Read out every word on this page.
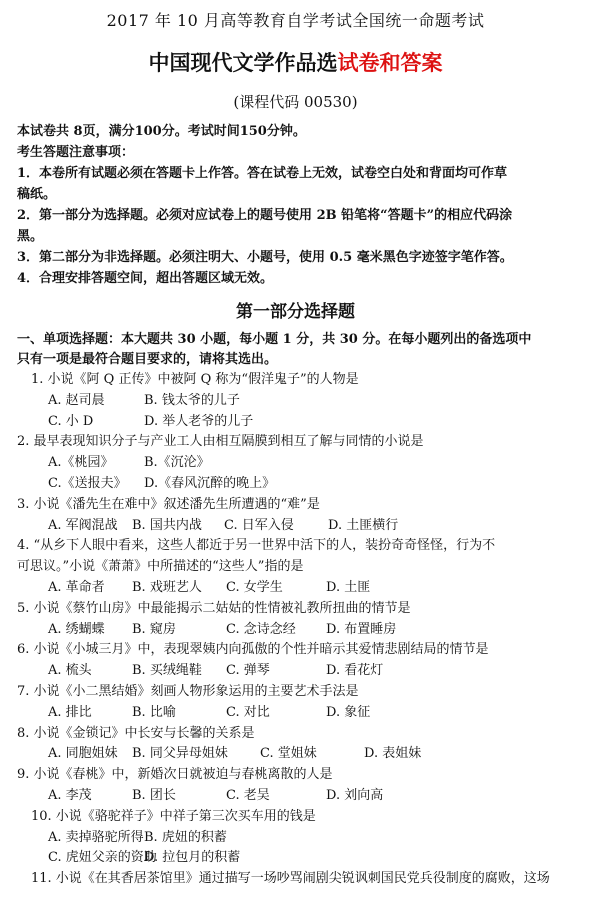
2017 年 10 月高等教育自学考试全国统一命题考试
中国现代文学作品选试卷和答案
(课程代码 00530)
本试卷共 8页，满分100分。考试时间150分钟。
考生答题注意事项：
1．本卷所有试题必须在答题卡上作答。答在试卷上无效，试卷空白处和背面均可作草
稿纸。
2．第一部分为选择题。必须对应试卷上的题号使用 2B 铅笔将“答题卡”的相应代码涂
黑。
3．第二部分为非选择题。必须注明大、小题号，使用 0.5 毫米黑色字迹签字笔作答。
4．合理安排答题空间，超出答题区域无效。
第一部分选择题
一、单项选择题：本大题共 30 小题，每小题 1 分，共 30 分。在每小题列出的备选项中
只有一项是最符合题目要求的，请将其选出。
1. 小说《阿 Q 正传》中被阿 Q 称为“假洋鬼子”的人物是
A. 赵司晨	B. 钱太爷的儿子
C. 小 D	D. 举人老爷的儿子
2. 最早表现知识分子与产业工人由相互隔膜到相互了解与同情的小说是
A.《桃园》 B.《沉沦》
C.《送报夫》 D.《春风沉醉的晚上》
3. 小说《潘先生在难中》叙述潘先生所遭遇的“难”是
A. 军阀混战 B. 国共内战 C. 日军入侵	D. 土匪横行
4. “从乡下人眼中看来，这些人都近于另一世界中活下的人，装扮奇奇怪怪，行为不
可思议。”小说《萧萧》中所描述的“这些人”指的是
A. 革命者 B. 戏班艺人 C. 女学生	D. 土匪
5. 小说《蔡竹山房》中最能揭示二姑姑的性情被礼教所扭曲的情节是
A. 绣蝴蝶 B. 窥房	C. 念诗念经 D. 布置睡房
6. 小说《小城三月》中，表现翠姨内向孤傲的个性并暗示其爱情悲剧结局的情节是
A. 梳头	B. 买绒绳鞋 C. 弹琴	D. 看花灯
7. 小说《小二黑结婚》刻画人物形象运用的主要艺术手法是
A. 排比	B. 比喻	C. 对比	D. 象征
8. 小说《金锁记》中长安与长馨的关系是
A. 同胞姐妹 B. 同父异母姐妹 C. 堂姐妹	D. 表姐妹
9. 小说《春桃》中，新婚次日就被迫与春桃离散的人是
A. 李茂	B. 团长	C. 老吴	D. 刘向高
10. 小说《骆驼祥子》中祥子第三次买车用的钱是
A. 卖掉骆驼所得B. 虎妞的积蓄
C. 虎妞父亲的资助D. 拉包月的积蓄
11. 小说《在其香居茶馆里》通过描写一场吵骂闹剧尖锐讽刺国民党兵役制度的腐败，这场
